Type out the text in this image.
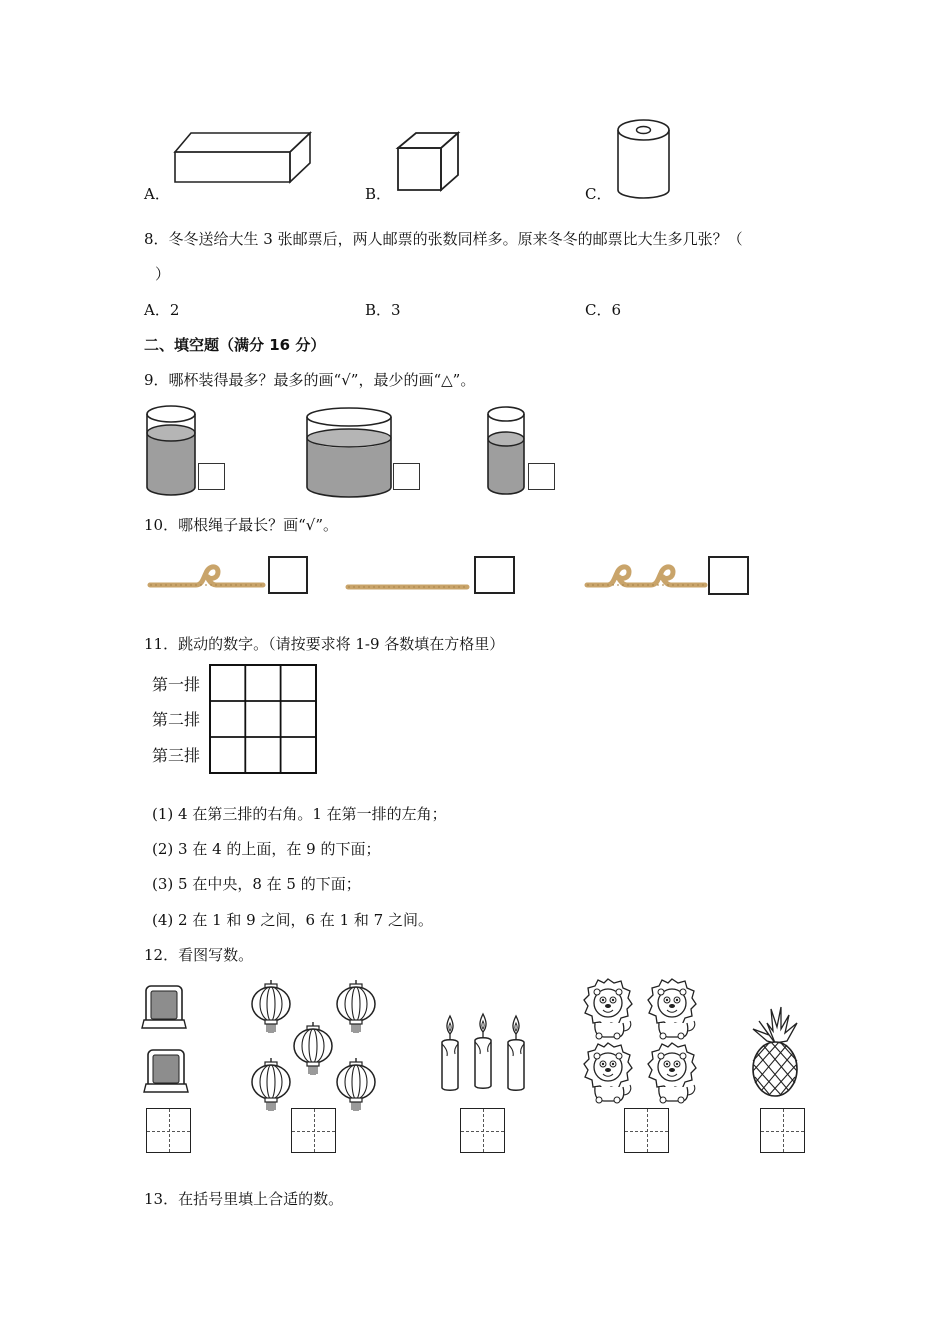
A．	B．	C．
8．冬冬送给大生 3 张邮票后，两人邮票的张数同样多。原来冬冬的邮票比大生多几张？（
）
A．2	B．3	C．6
二、填空题（满分 16 分）
9．哪杯装得最多？最多的画“√”，最少的画“△”。
10．哪根绳子最长？画“√”。
11．跳动的数字。（请按要求将 1-9 各数填在方格里）
第一排
第二排
第三排
(1) 4 在第三排的右角。1 在第一排的左角；
(2) 3 在 4 的上面，在 9 的下面；
(3) 5 在中央，8 在 5 的下面；
(4) 2 在 1 和 9 之间，6 在 1 和 7 之间。
12．看图写数。
13．在括号里填上合适的数。
